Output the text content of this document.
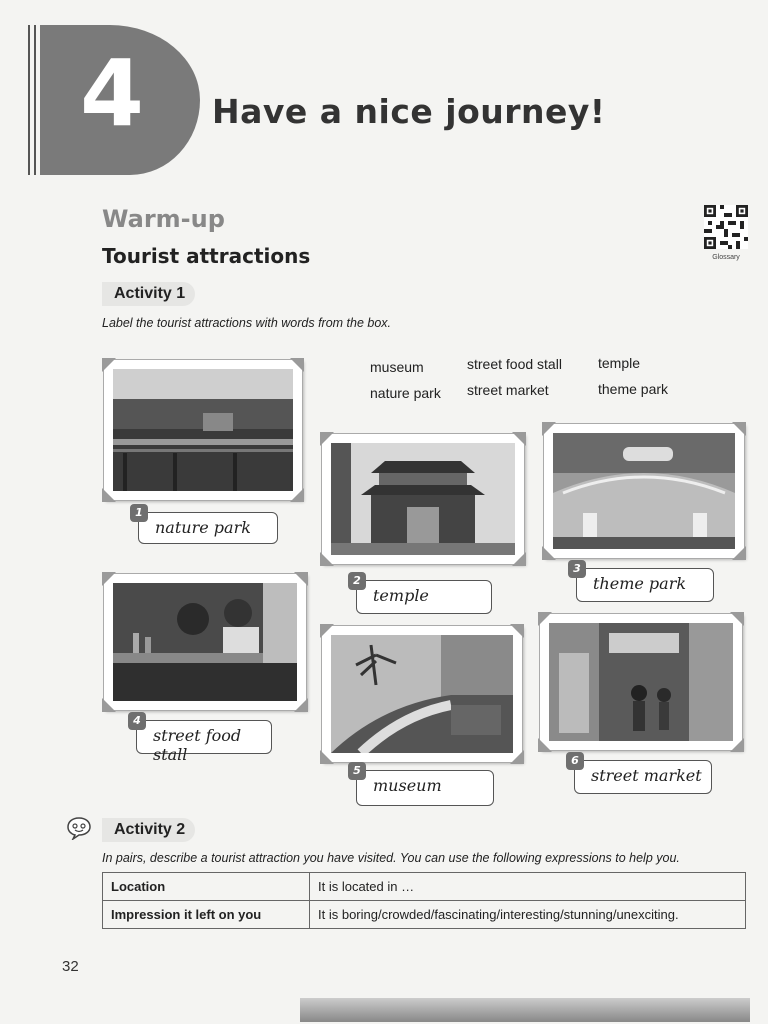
4 Have a nice journey!
Warm-up
Tourist attractions	Glossary
Activity 1
Label the tourist attractions with words from the box.
museum	street food stall	temple
nature park street market	theme park
1
nature park
2
temple
3
theme park
4
street food stall
5
museum
6
street market
Activity 2
In pairs, describe a tourist attraction you have visited. You can use the following expressions to help you.
Location	It is located in …
Impression it left on you	It is boring/crowded/fascinating/interesting/stunning/unexciting.
32
